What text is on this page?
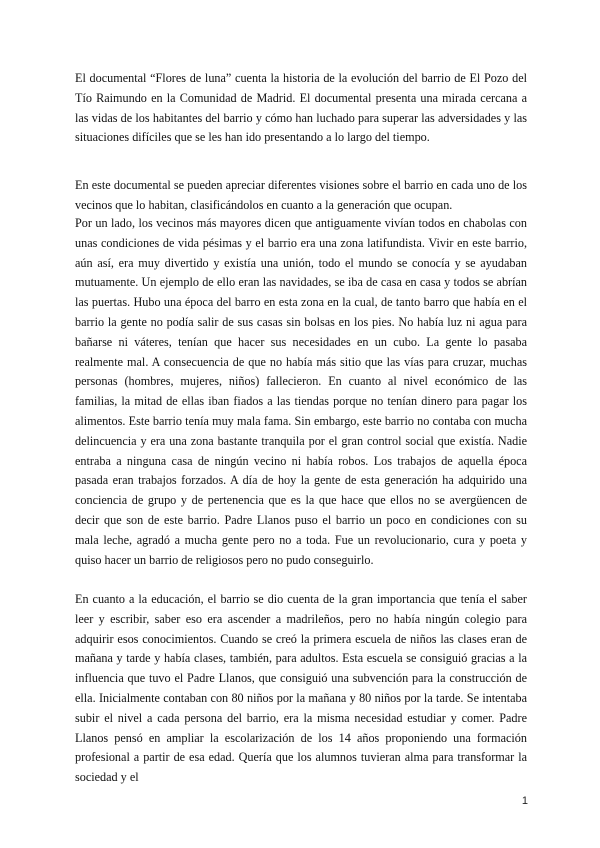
El documental “Flores de luna” cuenta la historia de la evolución del barrio de El Pozo del Tío Raimundo en la Comunidad de Madrid. El documental presenta una mirada cercana a las vidas de los habitantes del barrio y cómo han luchado para superar las adversidades y las situaciones difíciles que se les han ido presentando a lo largo del tiempo.

En este documental se pueden apreciar diferentes visiones sobre el barrio en cada uno de los vecinos que lo habitan, clasificándolos en cuanto a la generación que ocupan.

Por un lado, los vecinos más mayores dicen que antiguamente vivían todos en chabolas con unas condiciones de vida pésimas y el barrio era una zona latifundista. Vivir en este barrio, aún así, era muy divertido y existía una unión, todo el mundo se conocía y se ayudaban mutuamente. Un ejemplo de ello eran las navidades, se iba de casa en casa y todos se abrían las puertas. Hubo una época del barro en esta zona en la cual, de tanto barro que había en el barrio la gente no podía salir de sus casas sin bolsas en los pies. No había luz ni agua para bañarse ni váteres, tenían que hacer sus necesidades en un cubo. La gente lo pasaba realmente mal. A consecuencia de que no había más sitio que las vías para cruzar, muchas personas (hombres, mujeres, niños) fallecieron. En cuanto al nivel económico de las familias, la mitad de ellas iban fiados a las tiendas porque no tenían dinero para pagar los alimentos. Este barrio tenía muy mala fama. Sin embargo, este barrio no contaba con mucha delincuencia y era una zona bastante tranquila por el gran control social que existía. Nadie entraba a ninguna casa de ningún vecino ni había robos. Los trabajos de aquella época pasada eran trabajos forzados. A día de hoy la gente de esta generación ha adquirido una conciencia de grupo y de pertenencia que es la que hace que ellos no se avergüencen de decir que son de este barrio. Padre Llanos puso el barrio un poco en condiciones con su mala leche, agradó a mucha gente pero no a toda. Fue un revolucionario, cura y poeta y quiso hacer un barrio de religiosos pero no pudo conseguirlo.

En cuanto a la educación, el barrio se dio cuenta de la gran importancia que tenía el saber leer y escribir, saber eso era ascender a madrileños, pero no había ningún colegio para adquirir esos conocimientos. Cuando se creó la primera escuela de niños las clases eran de mañana y tarde y había clases, también, para adultos. Esta escuela se consiguió gracias a la influencia que tuvo el Padre Llanos, que consiguió una subvención para la construcción de ella. Inicialmente contaban con 80 niños por la mañana y 80 niños por la tarde. Se intentaba subir el nivel a cada persona del barrio, era la misma necesidad estudiar y comer. Padre Llanos pensó en ampliar la escolarización de los 14 años proponiendo una formación profesional a partir de esa edad. Quería que los alumnos tuvieran alma para transformar la sociedad y el

1
